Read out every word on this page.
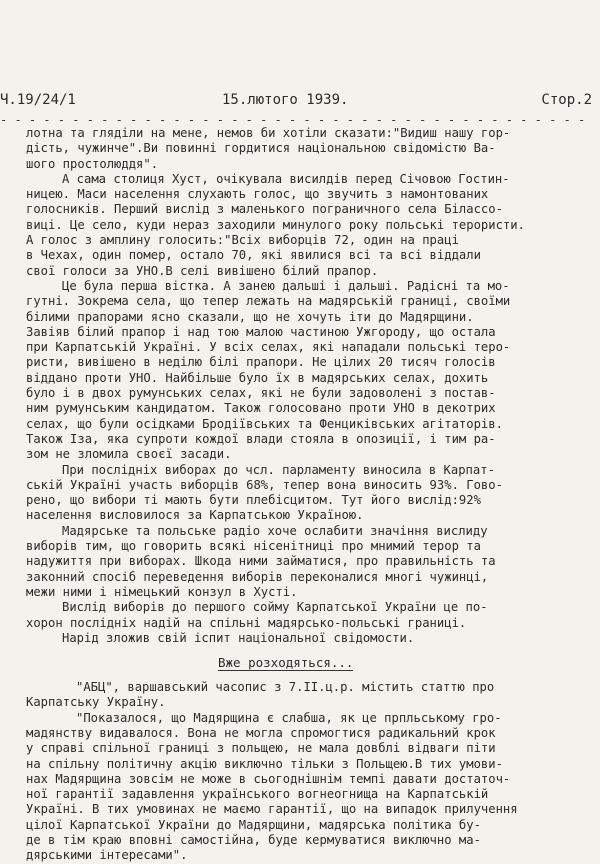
Ч.19/24/1	15.лютого 1939.	Стор.2
- - - - - - - - - - - - - - - - - - - - - - - - - - - - - - - - - - - - - - - - -
лотна та гляділи на мене, немов би хотіли сказати:"Видиш нашу гор-
дість, чужинче".Ви повинні гордитися національною свідомістю Ва-
шого простолюддя".
А сама столиця Хуст, очікувала висилдів перед Січовою Гостин-
ницею. Маси населення слухають голос, що звучить з намонтованих
голосників. Перший вислід з маленького пограничного села Білассо-
виці. Це село, куди нераз заходили минулого року польські терористи.
А голос з амплину голосить:"Всіх виборців 72, один на праці
в Чехах, один помер, осталo 70, які явилися всі та всі віддали
свої голоси за УНО.В селі вивішено білий прапор.
Це була перша вістка. А занею дальші і дальші. Радісні та мо-
гутні. Зокрема села, що тепер лежать на мадярській границі, своїми
білими прапорами ясно сказали, що не хочуть іти до Мадярщини.
Завіяв білий прапор і над тою малою частиною Ужгороду, що остала
при Карпатській Україні. У всіх селах, які нападали польські теро-
ристи, вивішено в неділю білі прапори. Не цілих 20 тисяч голосів
віддано проти УНО. Найбільше було їх в мадярських селах, дохить
було і в двох румунських селах, які не були задоволені з постав-
ним румунським кандидатом. Також голосовано проти УНО в декотрих
селах, що були осідками Бродіївських та Фенциківських агітаторів.
Також Іза, яка супроти кождої влади стояла в опозиції, і тим ра-
зом не зломила своєї засади.
При послідніх виборах до чсл. парламенту виносила в Карпат-
ській Україні участь виборців 68%, тепер вона виносить 93%. Гово-
рено, що вибори ті мають бути плебісцитом. Тут його вислід:92%
населення висловилося за Карпатською Україною.
Мадярське та польське радіо хоче ослабити значіння вислиду
виборів тим, що говорить всякі нісенітниці про мнимий терор та
надужиття при виборах. Шкода ними займатися, про правильність та
законний спосіб переведення виборів переконалися многі чужинці,
межи ними і німецький конзул в Хусті.
Вислід виборів до першого сойму Карпатської України це по-
хорон послідніх надій на спільні мадярсько-польські границі.
Нарід зложив свій іспит національної свідомости.
Вже розходяться...
"АБЦ", варшавський часопис з 7.II.ц.р. містить статтю про
Карпатську Україну.
"Показалося, що Мадярщина є слабша, як це прпльському гро-
мадянству видавалося. Вона не могла спромогтися радикальний крок
у справі спільної границі з польщею, не мала довблі відваги піти
на спільну політичну акцію виключно тільки з Польщею.В тих умови-
нах Мадярщина зовсім не може в сьогоднішнім темпі давати достаточ-
ної гарантії задавлення українського вогнеогнища на Карпатській
Україні. В тих умовинах не маємо гарантії, що на випадок прилучення
цілої Карпатської України до Мадярщини, мадярська політика бу-
де в тім краю вповні самостійна, буде кермуватися виключно ма-
дярськими інтересами".
